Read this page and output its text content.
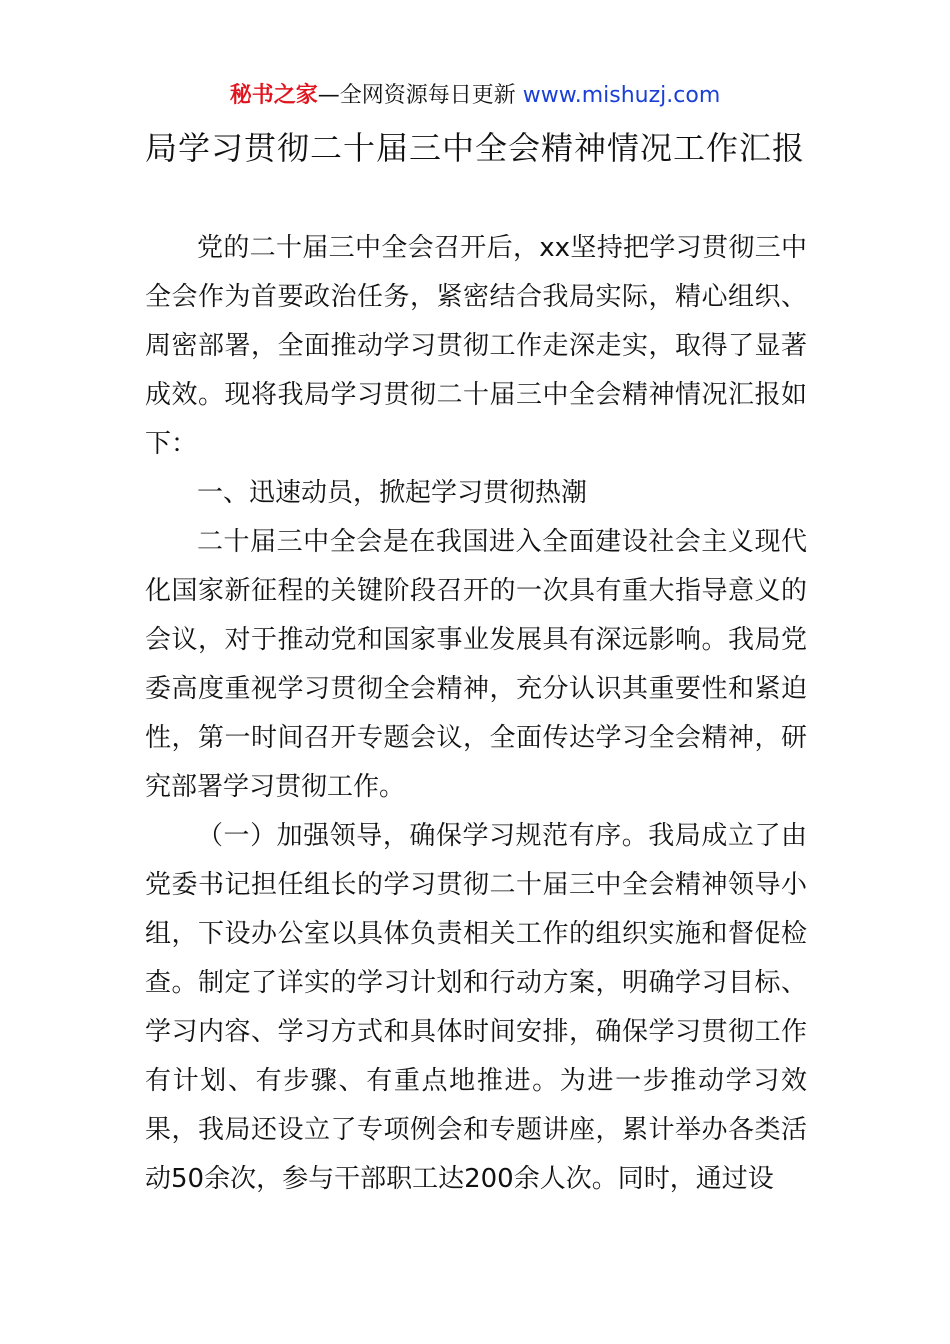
秘书之家—全网资源每日更新 www.mishuzj.com
局学习贯彻二十届三中全会精神情况工作汇报

党的二十届三中全会召开后，xx坚持把学习贯彻三中全会作为首要政治任务，紧密结合我局实际，精心组织、周密部署，全面推动学习贯彻工作走深走实，取得了显著成效。现将我局学习贯彻二十届三中全会精神情况汇报如下：

一、迅速动员，掀起学习贯彻热潮

二十届三中全会是在我国进入全面建设社会主义现代化国家新征程的关键阶段召开的一次具有重大指导意义的会议，对于推动党和国家事业发展具有深远影响。我局党委高度重视学习贯彻全会精神，充分认识其重要性和紧迫性，第一时间召开专题会议，全面传达学习全会精神，研究部署学习贯彻工作。

（一）加强领导，确保学习规范有序。我局成立了由党委书记担任组长的学习贯彻二十届三中全会精神领导小组，下设办公室以具体负责相关工作的组织实施和督促检查。制定了详实的学习计划和行动方案，明确学习目标、学习内容、学习方式和具体时间安排，确保学习贯彻工作有计划、有步骤、有重点地推进。为进一步推动学习效果，我局还设立了专项例会和专题讲座，累计举办各类活动50余次，参与干部职工达200余人次。同时，通过设
